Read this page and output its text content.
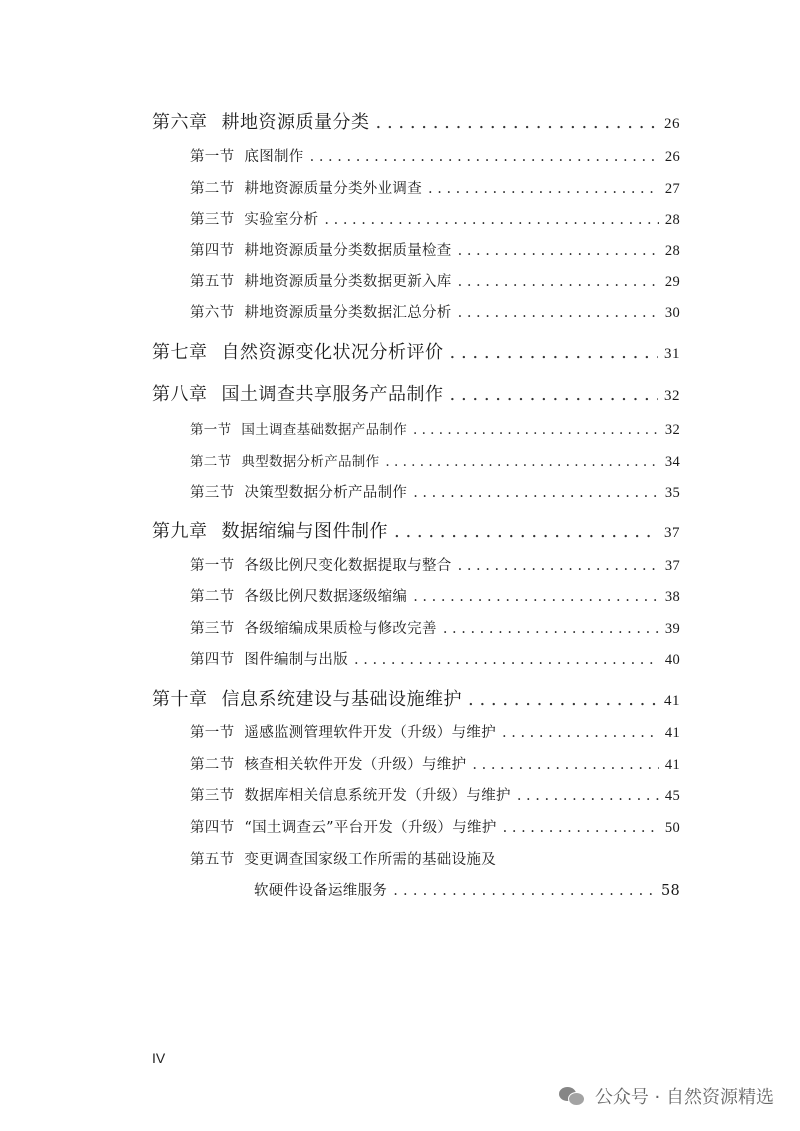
第六章 耕地资源质量分类 . . .	26
第一节 底图制作 . . .	26
第二节 耕地资源质量分类外业调查 . . .	27
第三节 实验室分析 . . .	28
第四节 耕地资源质量分类数据质量检查 . . .	28
第五节 耕地资源质量分类数据更新入库 . . .	29
第六节 耕地资源质量分类数据汇总分析 . . .	30
第七章 自然资源变化状况分析评价 . . .	31
第八章 国土调查共享服务产品制作 . . .	32
第一节 国土调查基础数据产品制作 . . .	32
第二节 典型数据分析产品制作 . . .	34
第三节 决策型数据分析产品制作 . . .	35
第九章 数据缩编与图件制作 . . .	37
第一节 各级比例尺变化数据提取与整合 . . .	37
第二节 各级比例尺数据逐级缩编 . . .	38
第三节 各级缩编成果质检与修改完善 . . .	39
第四节 图件编制与出版 . . .	40
第十章 信息系统建设与基础设施维护 . . .	41
第一节 遥感监测管理软件开发（升级）与维护 . . .	41
第二节 核查相关软件开发（升级）与维护 . . .	41
第三节 数据库相关信息系统开发（升级）与维护 . . .	45
第四节 “国土调查云”平台开发（升级）与维护 . . .	50
第五节 变更调查国家级工作所需的基础设施及
软硬件设备运维服务 . . .	58
IV
公众号 · 自然资源精选
